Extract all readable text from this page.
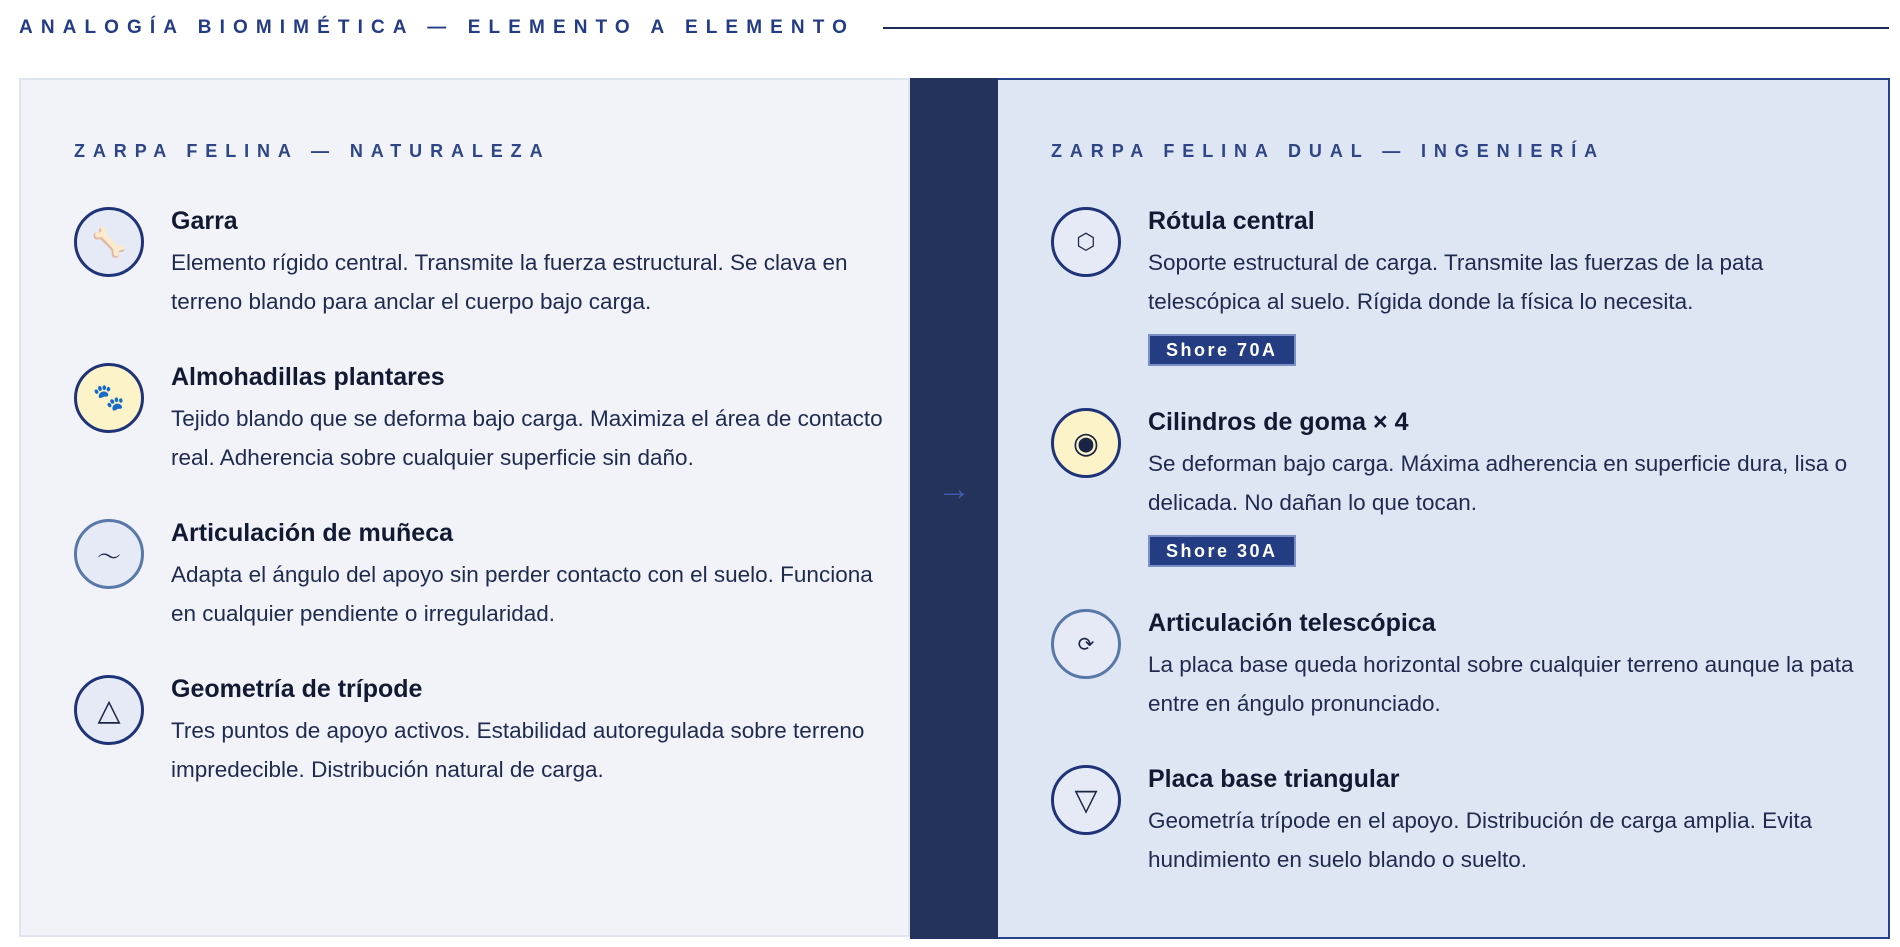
ANALOGÍA BIOMIMÉTICA — ELEMENTO A ELEMENTO
ZARPA FELINA — NATURALEZA
🦴
Garra
Elemento rígido central. Transmite la fuerza estructural. Se clava en terreno blando para anclar el cuerpo bajo carga.
🐾
Almohadillas plantares
Tejido blando que se deforma bajo carga. Maximiza el área de contacto real. Adherencia sobre cualquier superficie sin daño.
〜
Articulación de muñeca
Adapta el ángulo del apoyo sin perder contacto con el suelo. Funciona en cualquier pendiente o irregularidad.
△
Geometría de trípode
Tres puntos de apoyo activos. Estabilidad autoregulada sobre terreno impredecible. Distribución natural de carga.
→
ZARPA FELINA DUAL — INGENIERÍA
⬡
Rótula central
Soporte estructural de carga. Transmite las fuerzas de la pata telescópica al suelo. Rígida donde la física lo necesita.
Shore 70A
◉
Cilindros de goma × 4
Se deforman bajo carga. Máxima adherencia en superficie dura, lisa o delicada. No dañan lo que tocan.
Shore 30A
⟳
Articulación telescópica
La placa base queda horizontal sobre cualquier terreno aunque la pata entre en ángulo pronunciado.
▽
Placa base triangular
Geometría trípode en el apoyo. Distribución de carga amplia. Evita hundimiento en suelo blando o suelto.
